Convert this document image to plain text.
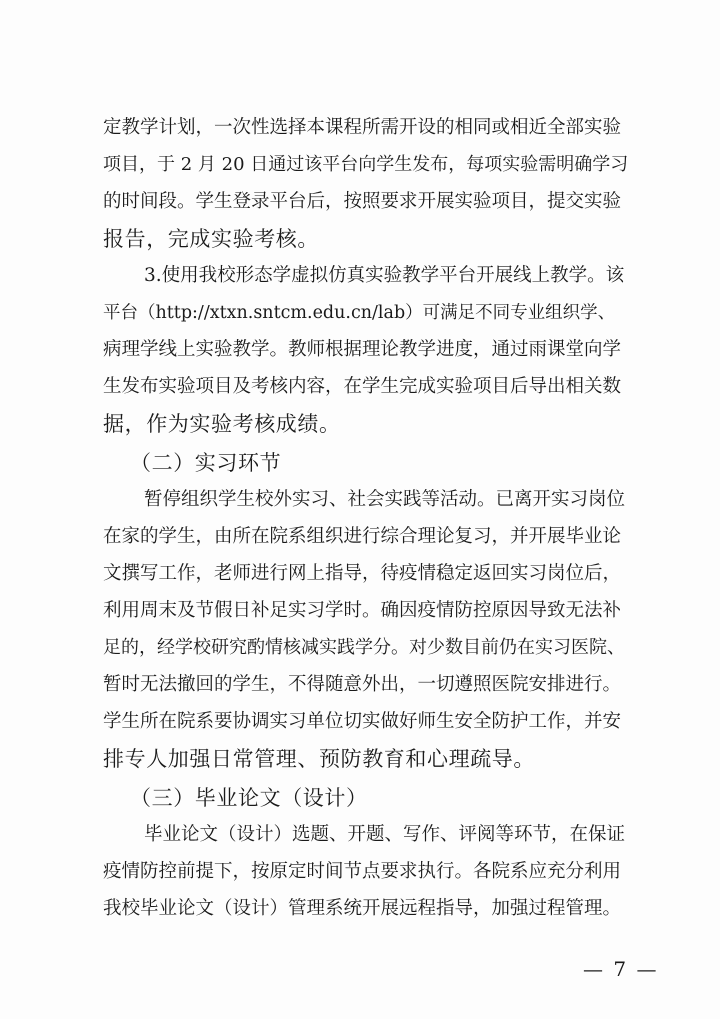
定教学计划，一次性选择本课程所需开设的相同或相近全部实验
项目，于 2 月 20 日通过该平台向学生发布，每项实验需明确学习
的时间段。学生登录平台后，按照要求开展实验项目，提交实验
报告，完成实验考核。
3.使用我校形态学虚拟仿真实验教学平台开展线上教学。该
平台（http://xtxn.sntcm.edu.cn/lab）可满足不同专业组织学、
病理学线上实验教学。教师根据理论教学进度，通过雨课堂向学
生发布实验项目及考核内容，在学生完成实验项目后导出相关数
据，作为实验考核成绩。
（二）实习环节
暂停组织学生校外实习、社会实践等活动。已离开实习岗位
在家的学生，由所在院系组织进行综合理论复习，并开展毕业论
文撰写工作，老师进行网上指导，待疫情稳定返回实习岗位后，
利用周末及节假日补足实习学时。确因疫情防控原因导致无法补
足的，经学校研究酌情核减实践学分。对少数目前仍在实习医院、
暂时无法撤回的学生，不得随意外出，一切遵照医院安排进行。
学生所在院系要协调实习单位切实做好师生安全防护工作，并安
排专人加强日常管理、预防教育和心理疏导。
（三）毕业论文（设计）
毕业论文（设计）选题、开题、写作、评阅等环节，在保证
疫情防控前提下，按原定时间节点要求执行。各院系应充分利用
我校毕业论文（设计）管理系统开展远程指导，加强过程管理。
— 7 —
